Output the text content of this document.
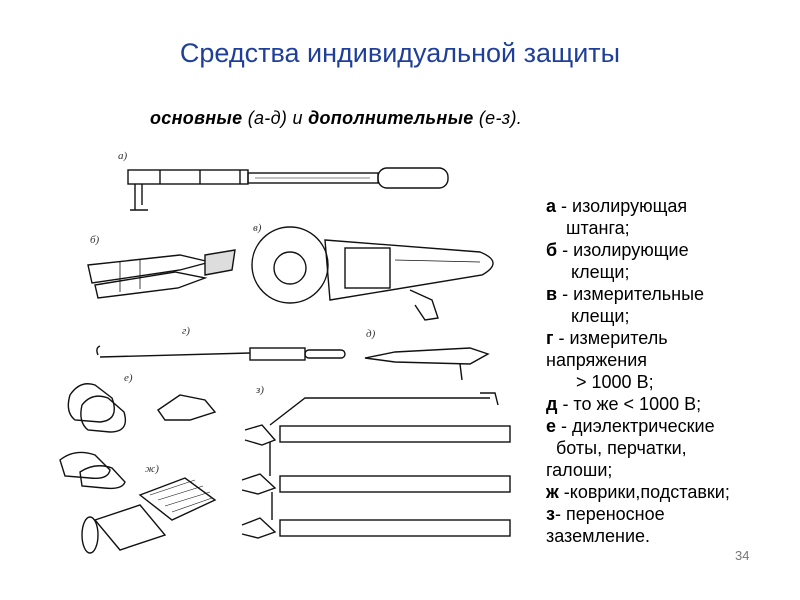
Средства индивидуальной защиты
основные (а-д) и дополнительные (е-з).
а)
б)
в)
г)	д)
е)
ж)
з)
а - изолирующая
штанга;
б - изолирующие
клещи;
в - измерительные
клещи;
г - измеритель
напряжения
> 1000 В;
д - то же < 1000 В;
е - диэлектрические
боты, перчатки,
галоши;
ж -коврики,подставки;
з- переносное
заземление.
34
